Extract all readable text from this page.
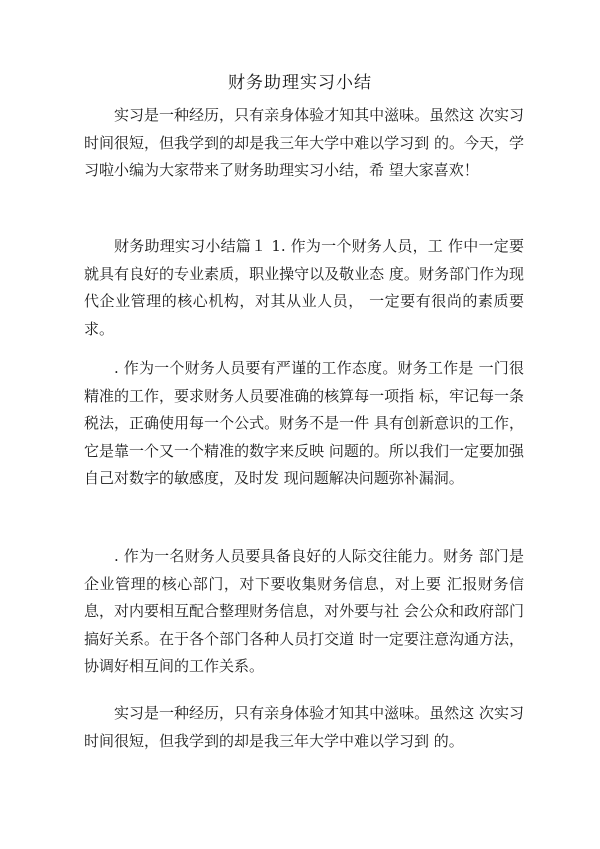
财务助理实习小结

实习是一种经历，只有亲身体验才知其中滋味。虽然这 次实习时间很短，但我学到的却是我三年大学中难以学习到 的。今天，学习啦小编为大家带来了财务助理实习小结，希 望大家喜欢！

财务助理实习小结篇１ 1. 作为一个财务人员，工 作中一定要就具有良好的专业素质，职业操守以及敬业态 度。财务部门作为现代企业管理的核心机构，对其从业人员， 一定要有很尚的素质要求。

. 作为一个财务人员要有严谨的工作态度。财务工作是 一门很精准的工作，要求财务人员要准确的核算每一项指 标，牢记每一条税法，正确使用每一个公式。财务不是一件 具有创新意识的工作，它是靠一个又一个精准的数字来反映 问题的。所以我们一定要加强自己对数字的敏感度，及时发 现问题解决问题弥补漏洞。

. 作为一名财务人员要具备良好的人际交往能力。财务 部门是企业管理的核心部门，对下要收集财务信息，对上要 汇报财务信息，对内要相互配合整理财务信息，对外要与社 会公众和政府部门搞好关系。在于各个部门各种人员打交道 时一定要注意沟通方法，协调好相互间的工作关系。

实习是一种经历，只有亲身体验才知其中滋味。虽然这 次实习时间很短，但我学到的却是我三年大学中难以学习到 的。
